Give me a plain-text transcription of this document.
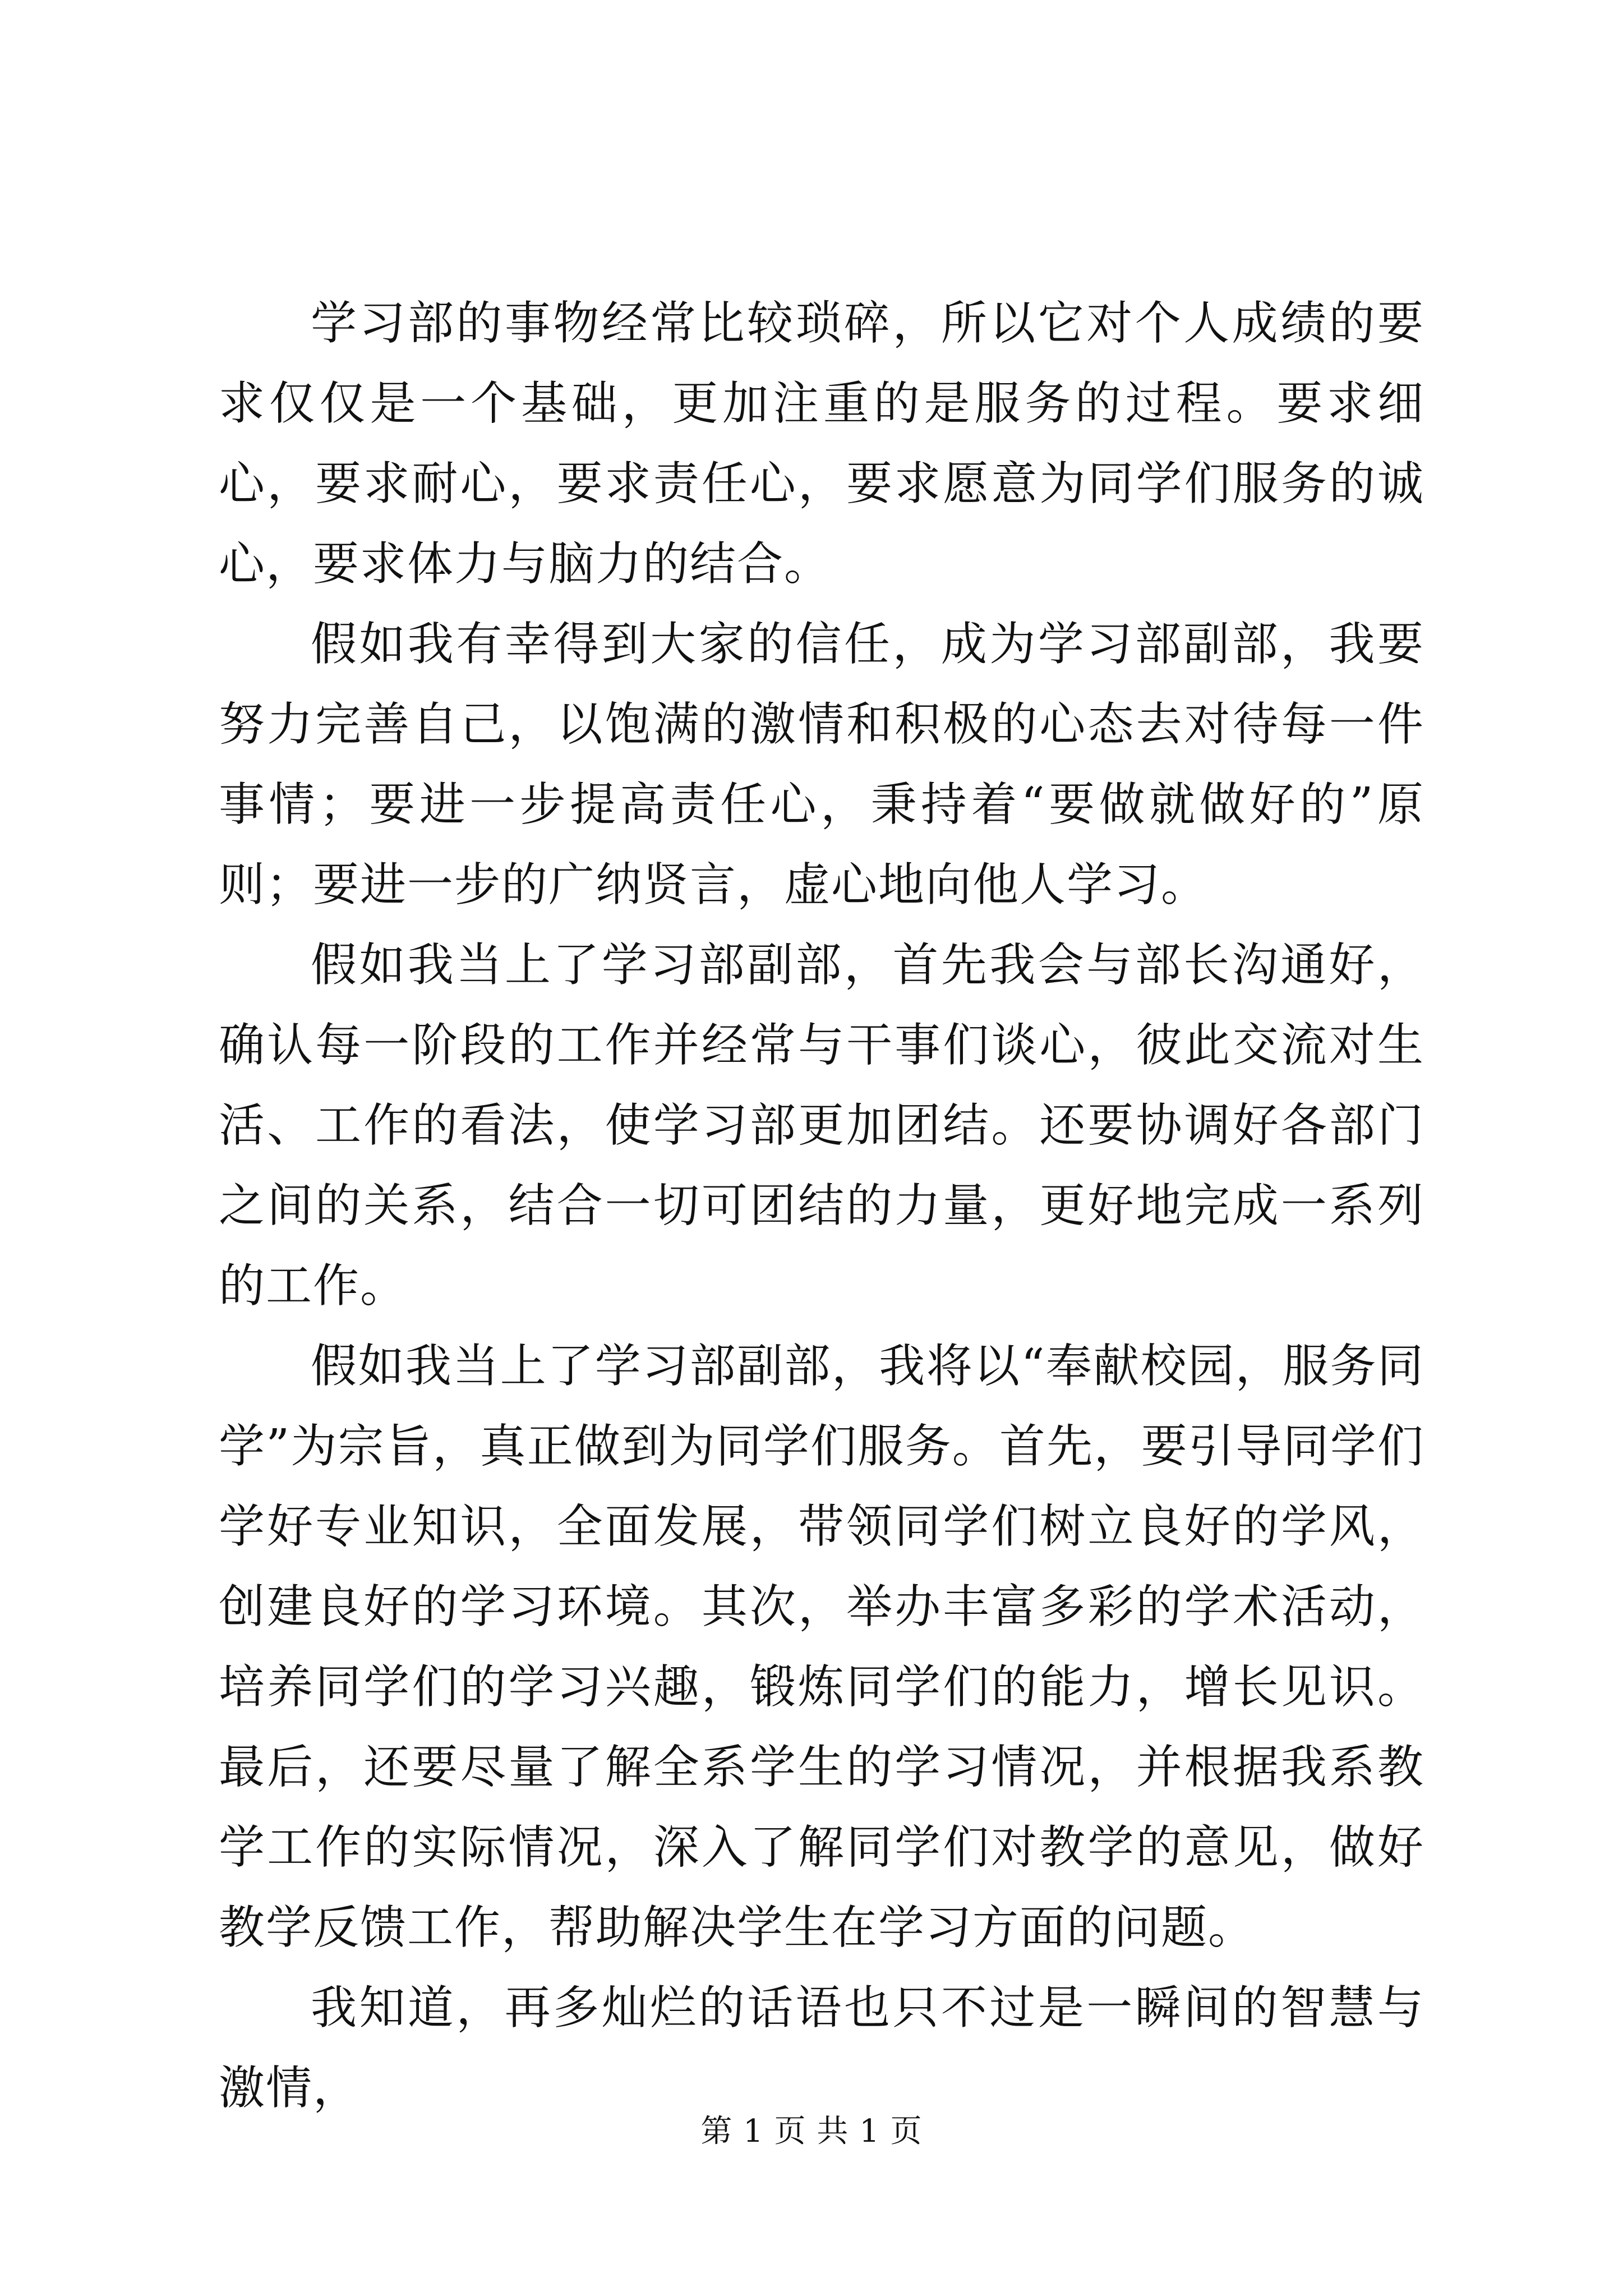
学习部的事物经常比较琐碎，所以它对个人成绩的要求仅仅是一个基础，更加注重的是服务的过程。要求细心，要求耐心，要求责任心，要求愿意为同学们服务的诚心，要求体力与脑力的结合。

假如我有幸得到大家的信任，成为学习部副部，我要努力完善自己，以饱满的激情和积极的心态去对待每一件事情；要进一步提高责任心，秉持着“要做就做好的”原则；要进一步的广纳贤言，虚心地向他人学习。

假如我当上了学习部副部，首先我会与部长沟通好，确认每一阶段的工作并经常与干事们谈心，彼此交流对生活、工作的看法，使学习部更加团结。还要协调好各部门之间的关系，结合一切可团结的力量，更好地完成一系列的工作。

假如我当上了学习部副部，我将以“奉献校园，服务同学”为宗旨，真正做到为同学们服务。首先，要引导同学们学好专业知识，全面发展，带领同学们树立良好的学风，创建良好的学习环境。其次，举办丰富多彩的学术活动，培养同学们的学习兴趣，锻炼同学们的能力，增长见识。最后，还要尽量了解全系学生的学习情况，并根据我系教学工作的实际情况，深入了解同学们对教学的意见，做好教学反馈工作，帮助解决学生在学习方面的问题。

我知道，再多灿烂的话语也只不过是一瞬间的智慧与激情，

第 1 页 共 1 页
